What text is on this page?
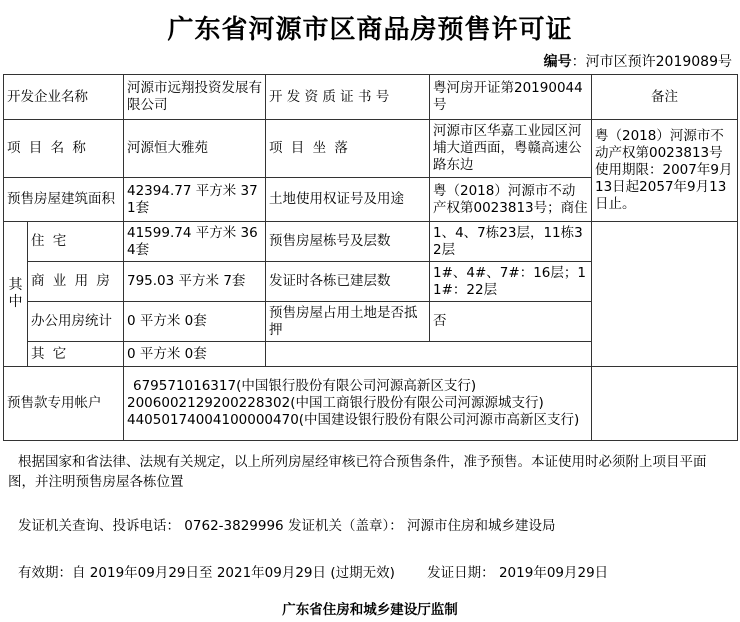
广东省河源市区商品房预售许可证
编号：河市区预许2019089号
开发企业名称		河源市远翔投资发展有限公司	开 发 资 质 证 书 号	粤河房开证第20190044号	备注
项 目 名 称		河源恒大雅苑	项 目 坐 落	河源市区华嘉工业园区河埔大道西面，粤赣高速公路东边	粤（2018）河源市不动产权第0023813号使用期限：2007年9月13日起2057年9月13日止。
预售房屋建筑面积		42394.77 平方米 371套	土地使用权证号及用途	粤（2018）河源市不动产权第0023813号；商住	
其中	住 宅	41599.74 平方米 364套	预售房屋栋号及层数	1、4、7栋23层，11栋32层	
	商 业 用 房	795.03 平方米 7套	发证时各栋已建层数	1#、4#、7#：16层；11#：22层	
	办公用房统计	0 平方米 0套	预售房屋占用土地是否抵押	否	
	其 它	0 平方米 0套			
预售款专用帐户		679571016317(中国银行股份有限公司河源高新区支行)
2006002129200228302(中国工商银行股份有限公司河源源城支行)
44050174004100000470(中国建设银行股份有限公司河源市高新区支行)			

根据国家和省法律、法规有关规定，以上所列房屋经审核已符合预售条件，准予预售。本证使用时必须附上项目平面图，并注明预售房屋各栋位置
发证机关查询、投诉电话： 0762-3829996 发证机关（盖章）： 河源市住房和城乡建设局
有效期：自 2019年09月29日至 2021年09月29日 (过期无效) 发证日期： 2019年09月29日
广东省住房和城乡建设厅监制
